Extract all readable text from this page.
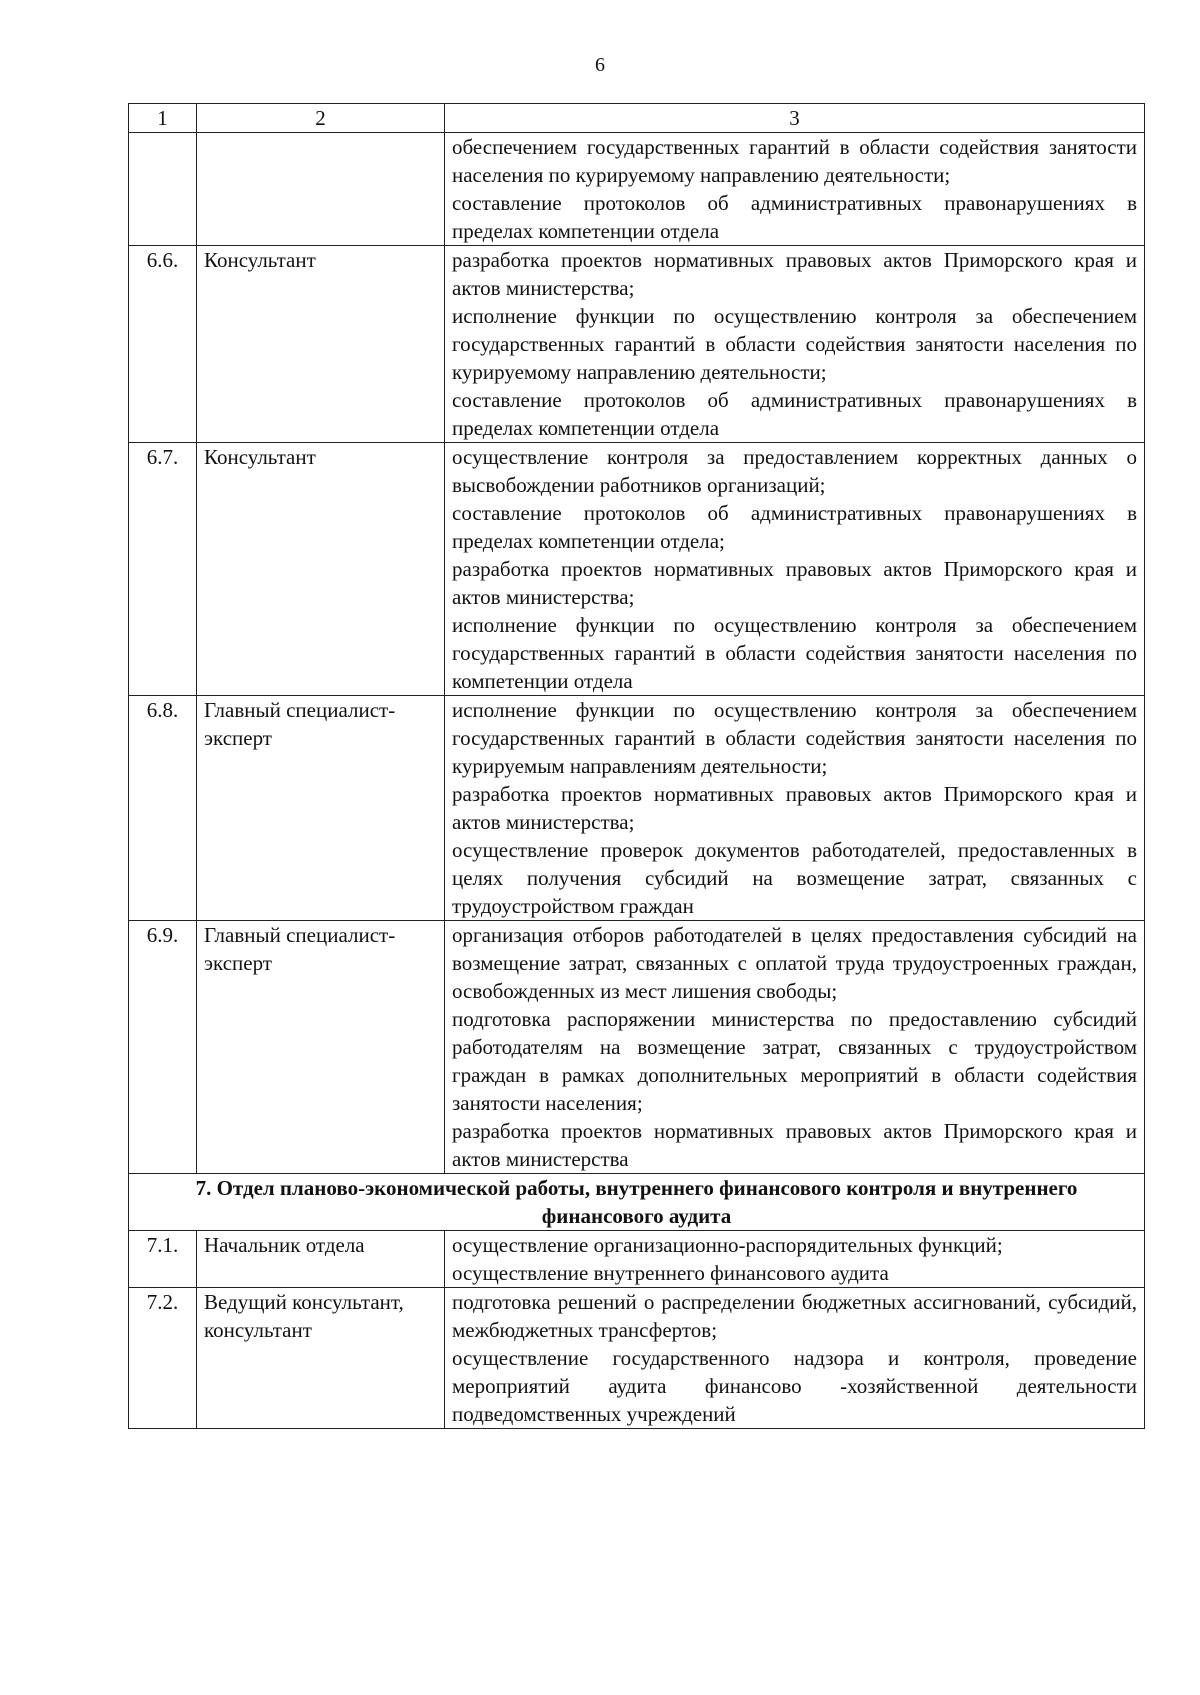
6
1	2	3

		обеспечением государственных гарантий в области содействия занятости населения по курируемому направлению деятельности;
составление протоколов об административных правонарушениях в пределах компетенции отдела

6.6.	Консультант	разработка проектов нормативных правовых актов Приморского края и актов министерства;
исполнение функции по осуществлению контроля за обеспечением государственных гарантий в области содействия занятости населения по курируемому направлению деятельности;
составление протоколов об административных правонарушениях в пределах компетенции отдела

6.7.	Консультант	осуществление контроля за предоставлением корректных данных о высвобождении работников организаций;
составление протоколов об административных правонарушениях в пределах компетенции отдела;
разработка проектов нормативных правовых актов Приморского края и актов министерства;
исполнение функции по осуществлению контроля за обеспечением государственных гарантий в области содействия занятости населения по компетенции отдела

6.8.	Главный специалист-эксперт	исполнение функции по осуществлению контроля за обеспечением государственных гарантий в области содействия занятости населения по курируемым направлениям деятельности;
разработка проектов нормативных правовых актов Приморского края и актов министерства;
осуществление проверок документов работодателей, предоставленных в целях получения субсидий на возмещение затрат, связанных с трудоустройством граждан

6.9.	Главный специалист-эксперт	организация отборов работодателей в целях предоставления субсидий на возмещение затрат, связанных с оплатой труда трудоустроенных граждан, освобожденных из мест лишения свободы;
подготовка распоряжении министерства по предоставлению субсидий работодателям на возмещение затрат, связанных с трудоустройством граждан в рамках дополнительных мероприятий в области содействия занятости населения;
разработка проектов нормативных правовых актов Приморского края и актов министерства

7. Отдел планово-экономической работы, внутреннего финансового контроля и внутреннего финансового аудита		
7.1.	Начальник отдела	осуществление организационно-распорядительных функций;
осуществление внутреннего финансового аудита

7.2.	Ведущий консультант, консультант	подготовка решений о распределении бюджетных ассигнований, субсидий, межбюджетных трансфертов;
осуществление государственного надзора и контроля, проведение мероприятий аудита финансово -хозяйственной деятельности подведомственных учреждений
